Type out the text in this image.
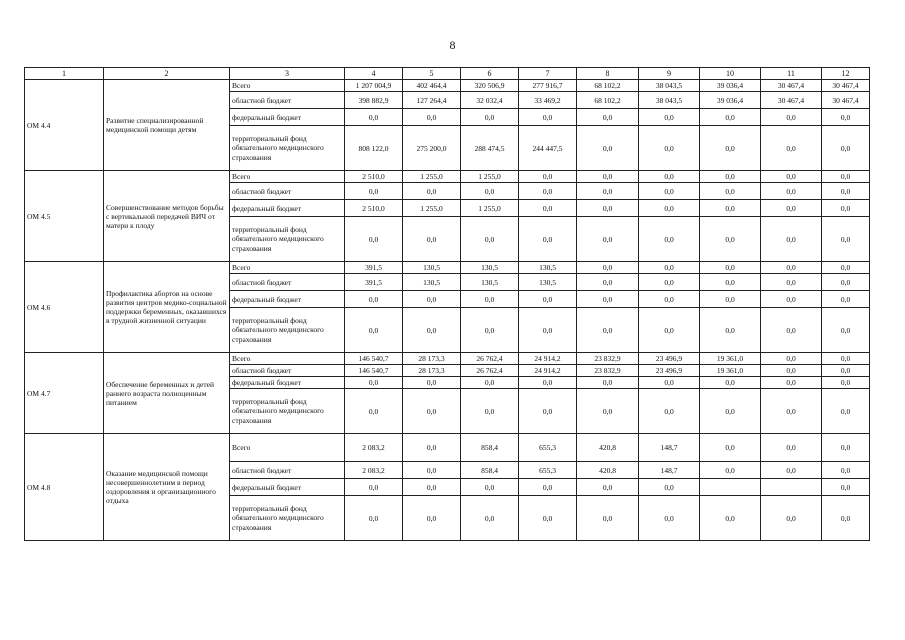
8
1	2	3	4	5	6	7	8	9	10	11	12
ОМ 4.4	Развитие специализированной медицинской помощи детям	Всего	1 207 004,9	402 464,4	320 506,9	277 916,7	68 102,2	38 043,5	39 036,4	30 467,4	30 467,4
		областной бюджет	398 882,9	127 264,4	32 032,4	33 469,2	68 102,2	38 043,5	39 036,4	30 467,4	30 467,4
		федеральный бюджет	0,0	0,0	0,0	0,0	0,0	0,0	0,0	0,0	0,0
		территориальный фонд обязательного медицинского страхования	808 122,0	275 200,0	288 474,5	244 447,5	0,0	0,0	0,0	0,0	0,0
ОМ 4.5	Совершенствование методов борьбы с вертикальной передачей ВИЧ от матери к плоду	Всего	2 510,0	1 255,0	1 255,0	0,0	0,0	0,0	0,0	0,0	0,0
		областной бюджет	0,0	0,0	0,0	0,0	0,0	0,0	0,0	0,0	0,0
		федеральный бюджет	2 510,0	1 255,0	1 255,0	0,0	0,0	0,0	0,0	0,0	0,0
		территориальный фонд обязательного медицинского страхования	0,0	0,0	0,0	0,0	0,0	0,0	0,0	0,0	0,0
ОМ 4.6	Профилактика абортов на основе развития центров медико-социальной поддержки беременных, оказавшихся в трудной жизненной ситуации	Всего	391,5	130,5	130,5	130,5	0,0	0,0	0,0	0,0	0,0
		областной бюджет	391,5	130,5	130,5	130,5	0,0	0,0	0,0	0,0	0,0
		федеральный бюджет	0,0	0,0	0,0	0,0	0,0	0,0	0,0	0,0	0,0
		территориальный фонд обязательного медицинского страхования	0,0	0,0	0,0	0,0	0,0	0,0	0,0	0,0	0,0
ОМ 4.7	Обеспечение беременных и детей раннего возраста полноценным питанием	Всего	146 540,7	28 173,3	26 762,4	24 914,2	23 832,9	23 496,9	19 361,0	0,0	0,0
		областной бюджет	146 540,7	28 173,3	26 762,4	24 914,2	23 832,9	23 496,9	19 361,0	0,0	0,0
		федеральный бюджет	0,0	0,0	0,0	0,0	0,0	0,0	0,0	0,0	0,0
		территориальный фонд обязательного медицинского страхования	0,0	0,0	0,0	0,0	0,0	0,0	0,0	0,0	0,0
ОМ 4.8	Оказание медицинской помощи несовершеннолетним в период оздоровления и организационного отдыха	Всего	2 083,2	0,0	858,4	655,3	420,8	148,7	0,0	0,0	0,0
		областной бюджет	2 083,2	0,0	858,4	655,3	420,8	148,7	0,0	0,0	0,0
		федеральный бюджет	0,0	0,0	0,0	0,0	0,0	0,0			0,0
		территориальный фонд обязательного медицинского страхования	0,0	0,0	0,0	0,0	0,0	0,0	0,0	0,0	0,0
